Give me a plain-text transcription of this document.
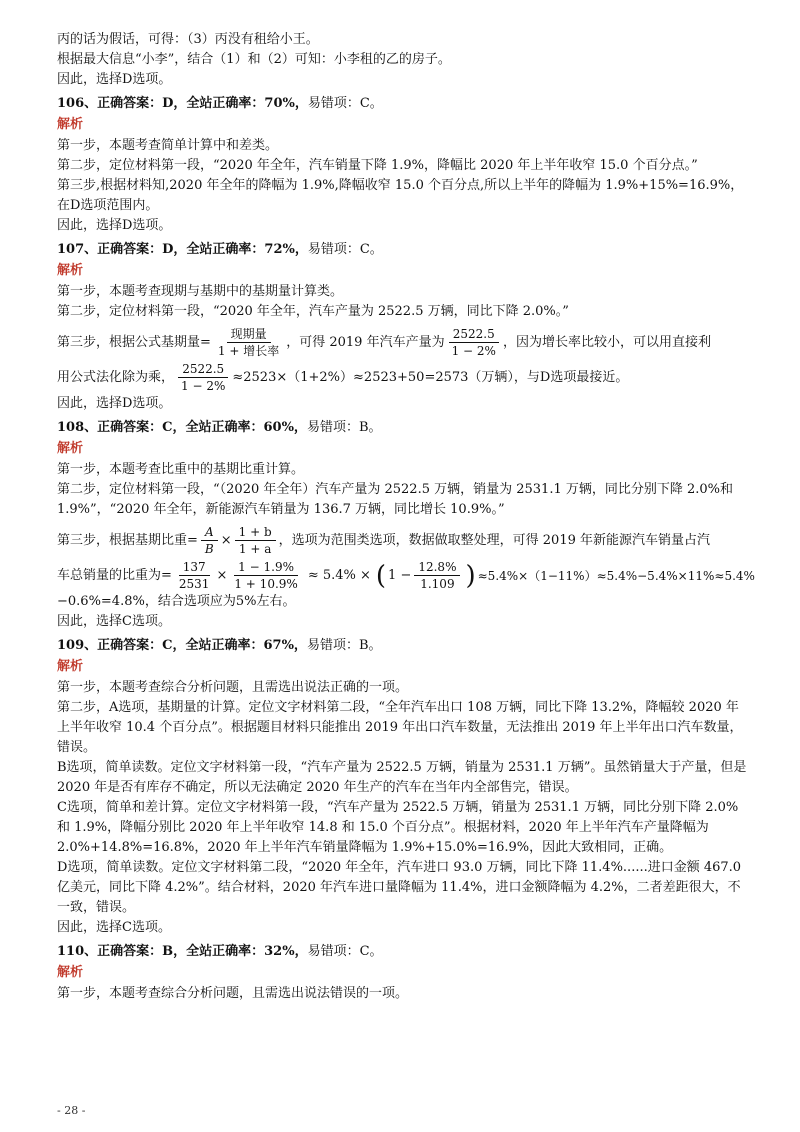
丙的话为假话，可得：（3）丙没有租给小王。
根据最大信息“小李”，结合（1）和（2）可知：小李租的乙的房子。
因此，选择D选项。
106、正确答案：D，全站正确率：70%，易错项：C。
解析
第一步，本题考查简单计算中和差类。
第二步，定位材料第一段，“2020 年全年，汽车销量下降 1.9%，降幅比 2020 年上半年收窄 15.0 个百分点。”
第三步,根据材料知,2020 年全年的降幅为 1.9%,降幅收窄 15.0 个百分点,所以上半年的降幅为 1.9%+15%=16.9%，在D选项范围内。
因此，选择D选项。
107、正确答案：D，全站正确率：72%，易错项：C。
解析
第一步，本题考查现期与基期中的基期量计算类。
第二步，定位材料第一段，“2020 年全年，汽车产量为 2522.5 万辆，同比下降 2.0%。”
第三步，根据公式基期量= $\frac{\text{现期量}}{\text{1 + 增长率}}$ ，可得 2019 年汽车产量为 $\frac{2522.5}{1 - 2\%}$ ，因为增长率比较小，可以用直接利
用公式法化除为乘， $\frac{2522.5}{1 - 2\%} \approx 2523\times(1+2\%)\approx 2523+50=2573$（万辆），与D选项最接近。
因此，选择D选项。
108、正确答案：C，全站正确率：60%，易错项：B。
解析
第一步，本题考查比重中的基期比重计算。
第二步，定位材料第一段，“（2020 年全年）汽车产量为 2522.5 万辆，销量为 2531.1 万辆，同比分别下降 2.0%和 1.9%”，“2020 年全年，新能源汽车销量为 136.7 万辆，同比增长 10.9%。”
第三步，根据基期比重= $\frac{A}{B} \times \frac{1 + b}{1 + a}$ ，选项为范围类选项，数据做取整处理，可得 2019 年新能源汽车销量占汽
车总销量的比重为= $\frac{137}{2531} \times \frac{1 - 1.9\%}{1 + 10.9\%} \approx 5.4\%$ × ( $1 - \frac{12.8\%}{1.109}$ ) ≈5.4%×（1−11%）≈5.4%−5.4%×11%≈5.4%
−0.6%=4.8%，结合选项应为5%左右。
因此，选择C选项。
109、正确答案：C，全站正确率：67%，易错项：B。
解析
第一步，本题考查综合分析问题，且需选出说法正确的一项。
第二步，A选项，基期量的计算。定位文字材料第二段，“全年汽车出口 108 万辆，同比下降 13.2%，降幅较 2020 年上半年收窄 10.4 个百分点”。根据题目材料只能推出 2019 年出口汽车数量，无法推出 2019 年上半年出口汽车数量，错误。
B选项，简单读数。定位文字材料第一段，“汽车产量为 2522.5 万辆，销量为 2531.1 万辆”。虽然销量大于产量，但是 2020 年是否有库存不确定，所以无法确定 2020 年生产的汽车在当年内全部售完，错误。
C选项，简单和差计算。定位文字材料第一段，“汽车产量为 2522.5 万辆，销量为 2531.1 万辆，同比分别下降 2.0%和 1.9%，降幅分别比 2020 年上半年收窄 14.8 和 15.0 个百分点”。根据材料，2020 年上半年汽车产量降幅为 2.0%+14.8%=16.8%，2020 年上半年汽车销量降幅为 1.9%+15.0%=16.9%，因此大致相同，正确。
D选项，简单读数。定位文字材料第二段，“2020 年全年，汽车进口 93.0 万辆，同比下降 11.4%......进口金额 467.0 亿美元，同比下降 4.2%”。结合材料，2020 年汽车进口量降幅为 11.4%，进口金额降幅为 4.2%，二者差距很大，不一致，错误。
因此，选择C选项。
110、正确答案：B，全站正确率：32%，易错项：C。
解析
第一步，本题考查综合分析问题，且需选出说法错误的一项。
- 28 -
